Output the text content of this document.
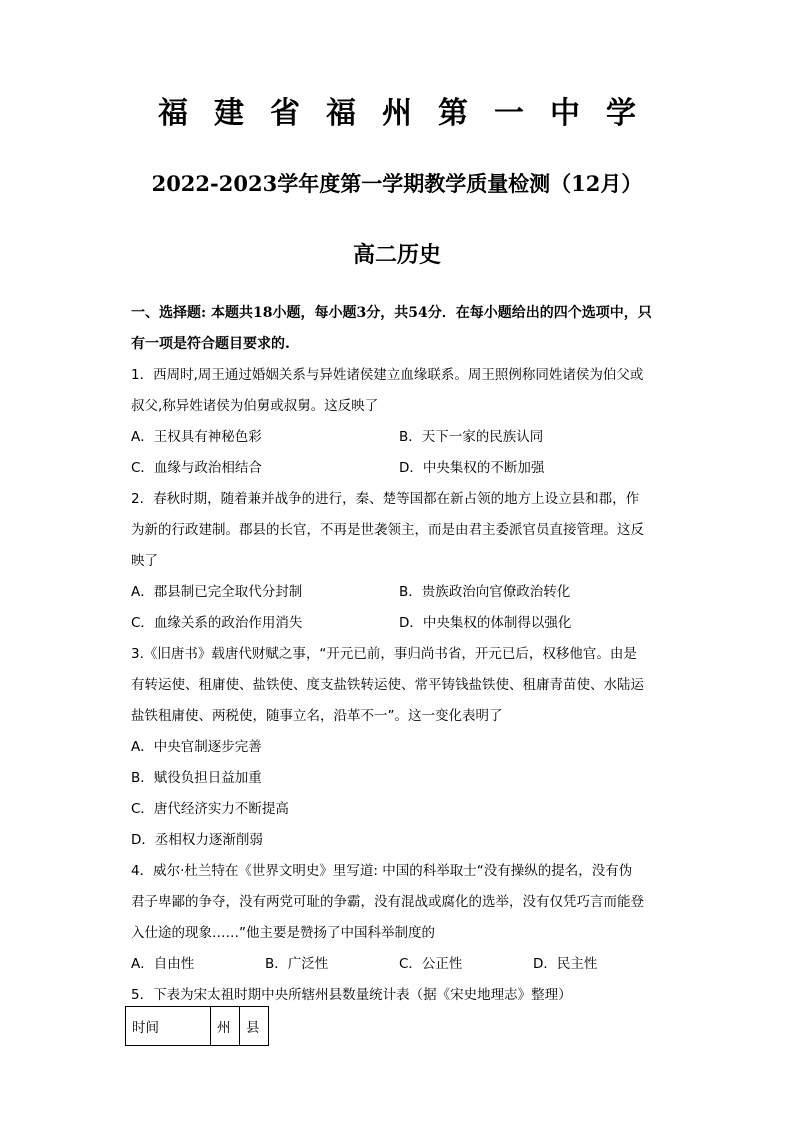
福建省福州第一中学
2022-2023学年度第一学期教学质量检测（12月）
高二历史
一、选择题: 本题共18小题，每小题3分，共54分．在每小题给出的四个选项中，只
有一项是符合题目要求的.
1．西周时,周王通过婚姻关系与异姓诸侯建立血缘联系。周王照例称同姓诸侯为伯父或
叔父,称异姓诸侯为伯舅或叔舅。这反映了
A．王权具有神秘色彩	B．天下一家的民族认同
C．血缘与政治相结合	D．中央集权的不断加强
2．春秋时期，随着兼并战争的进行，秦、楚等国都在新占领的地方上设立县和郡，作
为新的行政建制。郡县的长官，不再是世袭领主，而是由君主委派官员直接管理。这反
映了
A．郡县制已完全取代分封制	B．贵族政治向官僚政治转化
C．血缘关系的政治作用消失	D．中央集权的体制得以强化
3.《旧唐书》载唐代财赋之事，“开元已前，事归尚书省，开元已后，权移他官。由是
有转运使、租庸使、盐铁使、度支盐铁转运使、常平铸钱盐铁使、租庸青苗使、水陆运
盐铁租庸使、两税使，随事立名，沿革不一”。这一变化表明了
A．中央官制逐步完善
B．赋役负担日益加重
C．唐代经济实力不断提高
D．丞相权力逐渐削弱
4．威尔·杜兰特在《世界文明史》里写道: 中国的科举取士“没有操纵的提名，没有伪
君子卑鄙的争夺，没有两党可耻的争霸，没有混战或腐化的选举，没有仅凭巧言而能登
入仕途的现象……”他主要是赞扬了中国科举制度的
A．自由性	B．广泛性	C．公正性	D．民主性
5．下表为宋太祖时期中央所辖州县数量统计表（据《宋史地理志》整理）
时间	州	县
